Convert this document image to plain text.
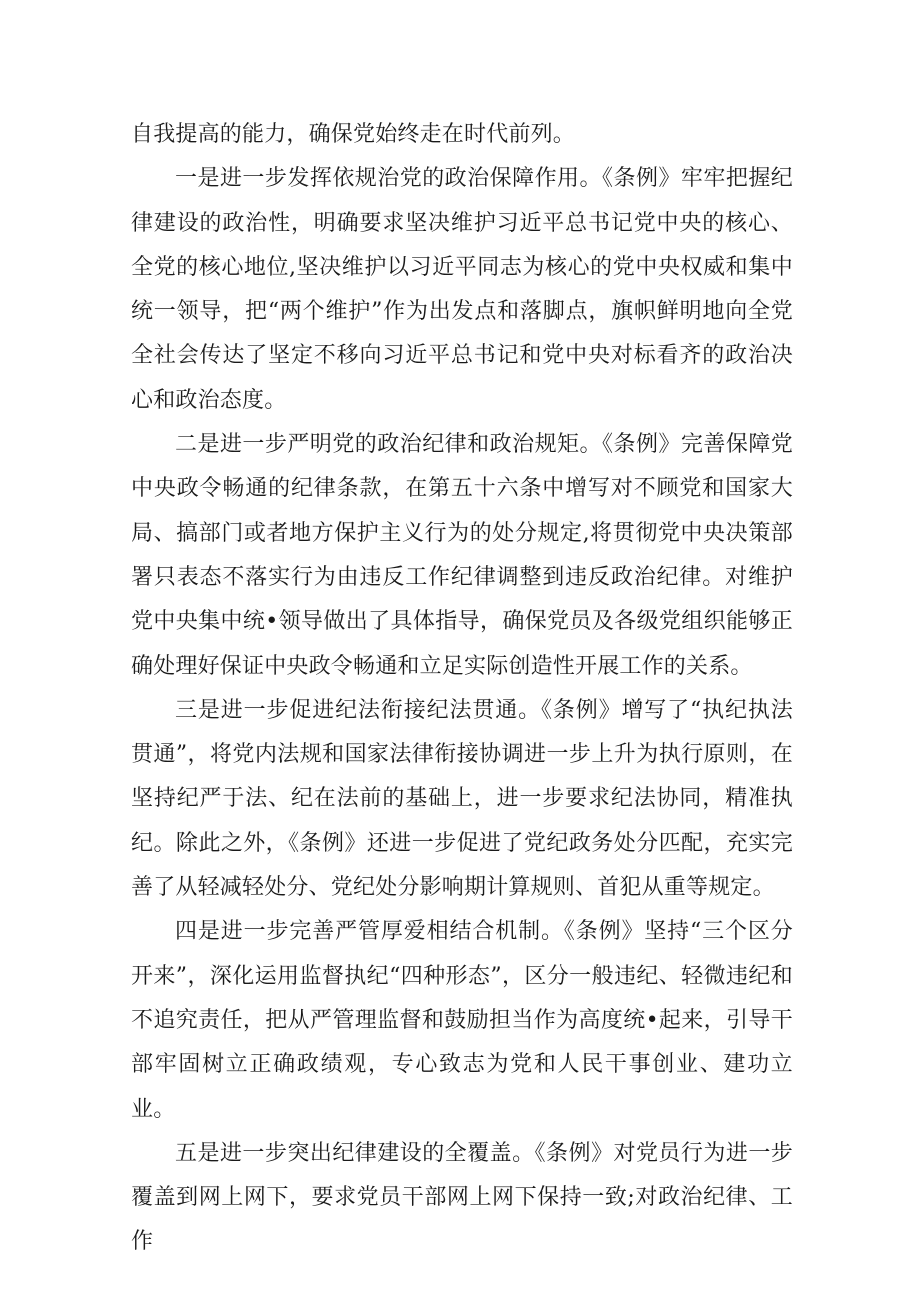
自我提高的能力，确保党始终走在时代前列。

一是进一步发挥依规治党的政治保障作用。《条例》牢牢把握纪律建设的政治性，明确要求坚决维护习近平总书记党中央的核心、全党的核心地位,坚决维护以习近平同志为核心的党中央权威和集中统一领导，把“两个维护”作为出发点和落脚点，旗帜鲜明地向全党全社会传达了坚定不移向习近平总书记和党中央对标看齐的政治决心和政治态度。

二是进一步严明党的政治纪律和政治规矩。《条例》完善保障党中央政令畅通的纪律条款，在第五十六条中增写对不顾党和国家大局、搞部门或者地方保护主义行为的处分规定,将贯彻党中央决策部署只表态不落实行为由违反工作纪律调整到违反政治纪律。对维护党中央集中统•领导做出了具体指导，确保党员及各级党组织能够正确处理好保证中央政令畅通和立足实际创造性开展工作的关系。

三是进一步促进纪法衔接纪法贯通。《条例》增写了“执纪执法贯通”，将党内法规和国家法律衔接协调进一步上升为执行原则，在坚持纪严于法、纪在法前的基础上，进一步要求纪法协同，精准执纪。除此之外，《条例》还进一步促进了党纪政务处分匹配，充实完善了从轻减轻处分、党纪处分影响期计算规则、首犯从重等规定。

四是进一步完善严管厚爱相结合机制。《条例》坚持“三个区分开来”，深化运用监督执纪“四种形态”，区分一般违纪、轻微违纪和不追究责任，把从严管理监督和鼓励担当作为高度统•起来，引导干部牢固树立正确政绩观，专心致志为党和人民干事创业、建功立业。

五是进一步突出纪律建设的全覆盖。《条例》对党员行为进一步覆盖到网上网下，要求党员干部网上网下保持一致;对政治纪律、工作
